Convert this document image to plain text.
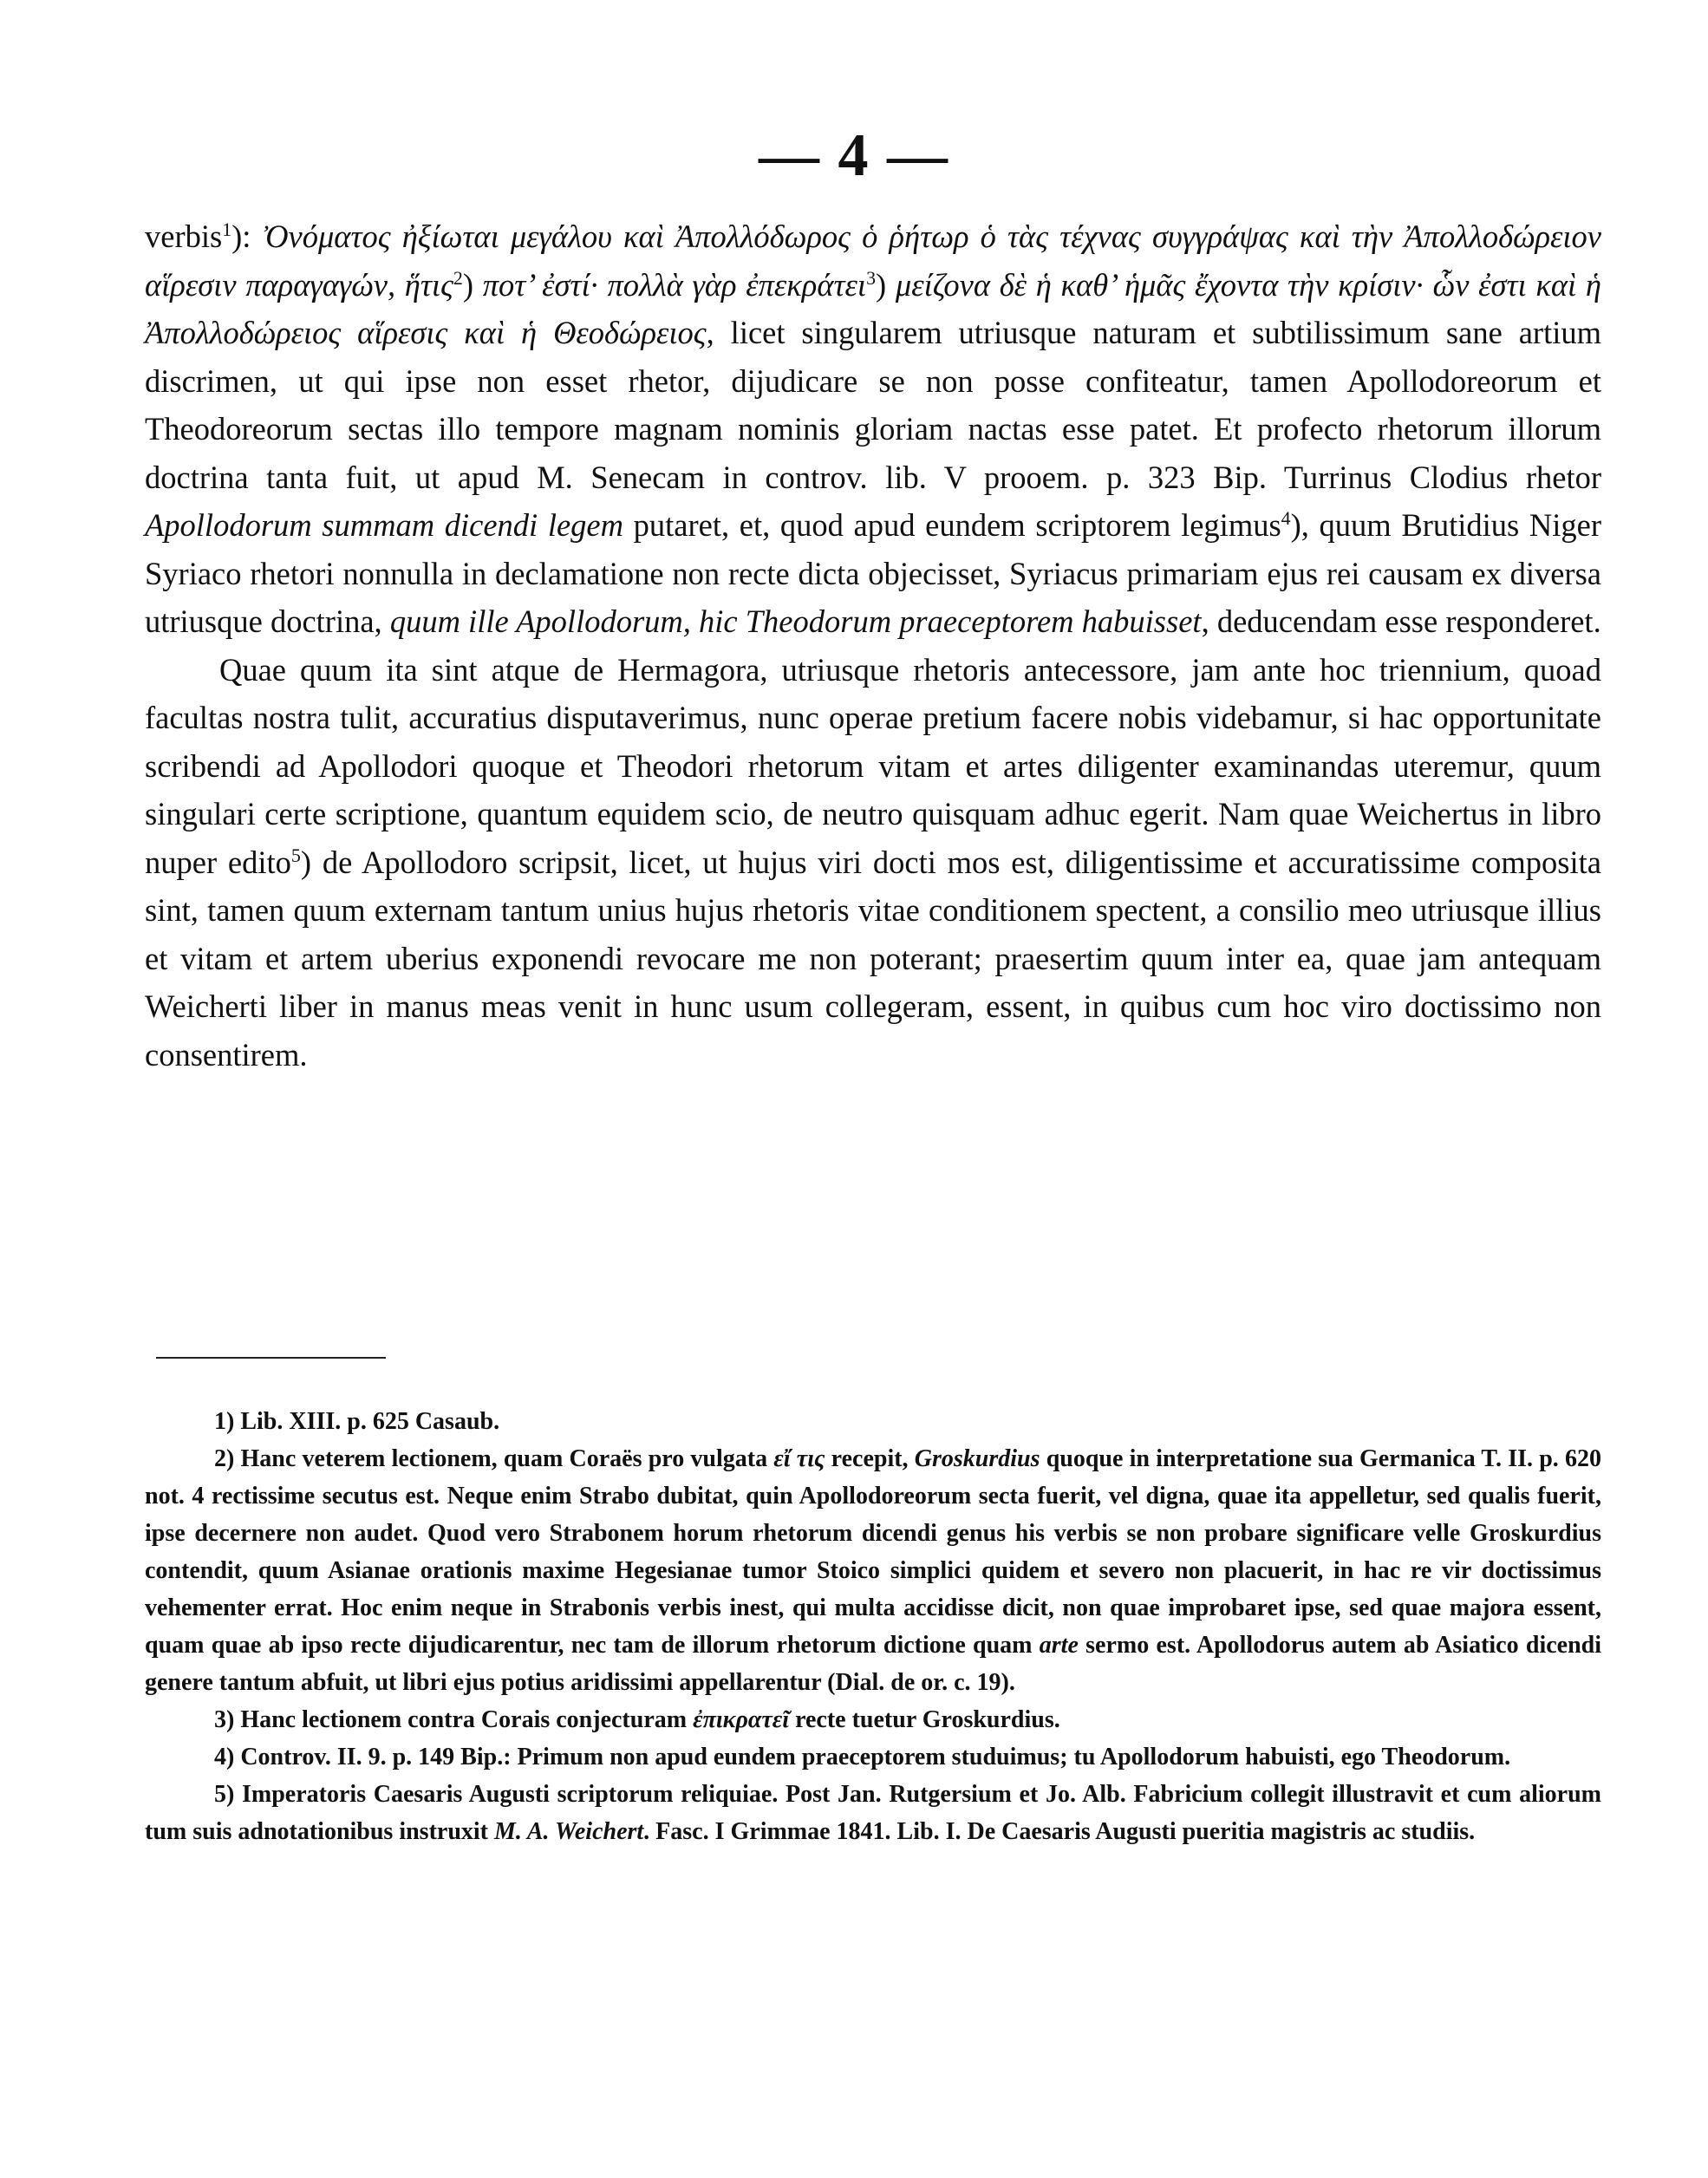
— 4 —

verbis$^1$): Ὀνόματος ἠξίωται μεγάλου καὶ Ἀπολλόδωρος ὁ ῥήτωρ ὁ τὰς τέχνας συγγράψας καὶ τὴν Ἀπολλοδώρειον αἵρεσιν παραγαγών, ἥτις$^2$) ποτ’ ἐστί· πολλὰ γὰρ ἐπεκράτει$^3$) μείζονα δὲ ἡ καθ’ ἡμᾶς ἔχοντα τὴν κρίσιν· ὧν ἐστι καὶ ἡ Ἀπολλοδώρειος αἵρεσις καὶ ἡ Θεοδώρειος, licet singularem utriusque naturam et subtilissimum sane artium discrimen, ut qui ipse non esset rhetor, dijudicare se non posse confiteatur, tamen Apollodoreorum et Theodoreorum sectas illo tempore magnam nominis gloriam nactas esse patet. Et profecto rhetorum illorum doctrina tanta fuit, ut apud M. Senecam in controv. lib. V prooem. p. 323 Bip. Turrinus Clodius rhetor Apollodorum summam dicendi legem putaret, et, quod apud eundem scriptorem legimus$^4$), quum Brutidius Niger Syriaco rhetori nonnulla in declamatione non recte dicta objecisset, Syriacus primariam ejus rei causam ex diversa utriusque doctrina, quum ille Apollodorum, hic Theodorum praeceptorem habuisset, deducendam esse responderet.

Quae quum ita sint atque de Hermagora, utriusque rhetoris antecessore, jam ante hoc triennium, quoad facultas nostra tulit, accuratius disputaverimus, nunc operae pretium facere nobis videbamur, si hac opportunitate scribendi ad Apollodori quoque et Theodori rhetorum vitam et artes diligenter examinandas uteremur, quum singulari certe scriptione, quantum equidem scio, de neutro quisquam adhuc egerit. Nam quae Weichertus in libro nuper edito$^5$) de Apollodoro scripsit, licet, ut hujus viri docti mos est, diligentissime et accuratissime composita sint, tamen quum externam tantum unius hujus rhetoris vitae conditionem spectent, a consilio meo utriusque illius et vitam et artem uberius exponendi revocare me non poterant; praesertim quum inter ea, quae jam antequam Weicherti liber in manus meas venit in hunc usum collegeram, essent, in quibus cum hoc viro doctissimo non consentirem.

1) Lib. XIII. p. 625 Casaub.

2) Hanc veterem lectionem, quam Coraës pro vulgata εἴ τις recepit, Groskurdius quoque in interpretatione sua Germanica T. II. p. 620 not. 4 rectissime secutus est. Neque enim Strabo dubitat, quin Apollodoreorum secta fuerit, vel digna, quae ita appelletur, sed qualis fuerit, ipse decernere non audet. Quod vero Strabonem horum rhetorum dicendi genus his verbis se non probare significare velle Groskurdius contendit, quum Asianae orationis maxime Hegesianae tumor Stoico simplici quidem et severo non placuerit, in hac re vir doctissimus vehementer errat. Hoc enim neque in Strabonis verbis inest, qui multa accidisse dicit, non quae improbaret ipse, sed quae majora essent, quam quae ab ipso recte dijudicarentur, nec tam de illorum rhetorum dictione quam arte sermo est. Apollodorus autem ab Asiatico dicendi genere tantum abfuit, ut libri ejus potius aridissimi appellarentur (Dial. de or. c. 19).

3) Hanc lectionem contra Corais conjecturam ἐπικρατεῖ recte tuetur Groskurdius.

4) Controv. II. 9. p. 149 Bip.: Primum non apud eundem praeceptorem studuimus; tu Apollodorum habuisti, ego Theodorum.

5) Imperatoris Caesaris Augusti scriptorum reliquiae. Post Jan. Rutgersium et Jo. Alb. Fabricium collegit illustravit et cum aliorum tum suis adnotationibus instruxit M. A. Weichert. Fasc. I Grimmae 1841. Lib. I. De Caesaris Augusti pueritia magistris ac studiis.
